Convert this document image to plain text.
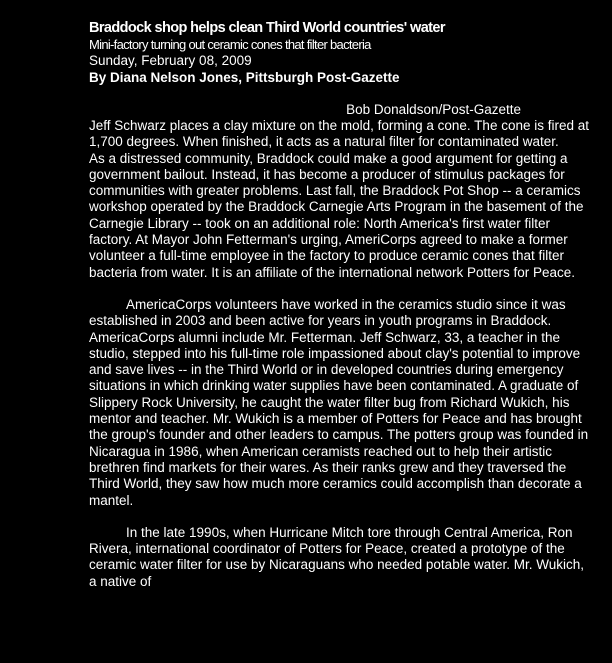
Braddock shop helps clean Third World countries' water
Mini-factory turning out ceramic cones that filter bacteria
Sunday, February 08, 2009
By Diana Nelson Jones, Pittsburgh Post-Gazette
Bob Donaldson/Post-Gazette

Jeff Schwarz places a clay mixture on the mold, forming a cone. The cone is fired at 1,700 degrees. When finished, it acts as a natural filter for contaminated water.

As a distressed community, Braddock could make a good argument for getting a government bailout. Instead, it has become a producer of stimulus packages for communities with greater problems. Last fall, the Braddock Pot Shop -- a ceramics workshop operated by the Braddock Carnegie Arts Program in the basement of the Carnegie Library -- took on an additional role: North America's first water filter factory. At Mayor John Fetterman's urging, AmeriCorps agreed to make a former volunteer a full-time employee in the factory to produce ceramic cones that filter bacteria from water. It is an affiliate of the international network Potters for Peace.

AmericaCorps volunteers have worked in the ceramics studio since it was established in 2003 and been active for years in youth programs in Braddock. AmericaCorps alumni include Mr. Fetterman. Jeff Schwarz, 33, a teacher in the studio, stepped into his full-time role impassioned about clay's potential to improve and save lives -- in the Third World or in developed countries during emergency situations in which drinking water supplies have been contaminated. A graduate of Slippery Rock University, he caught the water filter bug from Richard Wukich, his mentor and teacher. Mr. Wukich is a member of Potters for Peace and has brought the group's founder and other leaders to campus. The potters group was founded in Nicaragua in 1986, when American ceramists reached out to help their artistic brethren find markets for their wares. As their ranks grew and they traversed the Third World, they saw how much more ceramics could accomplish than decorate a mantel.

In the late 1990s, when Hurricane Mitch tore through Central America, Ron Rivera, international coordinator of Potters for Peace, created a prototype of the ceramic water filter for use by Nicaraguans who needed potable water. Mr. Wukich, a native of
